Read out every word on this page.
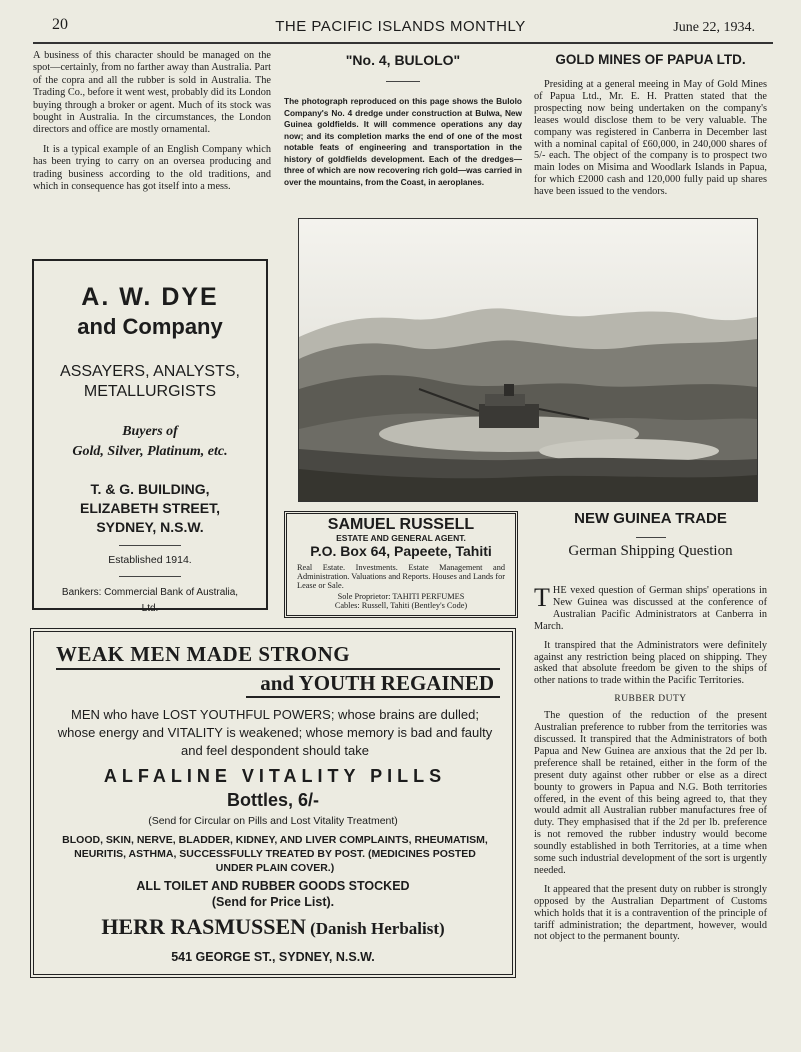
20	THE PACIFIC ISLANDS MONTHLY	June 22, 1934.

A business of this character should be managed on the spot—certainly, from no farther away than Australia. Part of the copra and all the rubber is sold in Australia. The Trading Co., before it went west, probably did its London buying through a broker or agent. Much of its stock was bought in Australia. In the circumstances, the London directors and office are mostly ornamental.

It is a typical example of an English Company which has been trying to carry on an oversea producing and trading business according to the old traditions, and which in consequence has got itself into a mess.

"No. 4, BULOLO"
The photograph reproduced on this page shows the Bulolo Company's No. 4 dredge under construction at Bulwa, New Guinea goldfields. It will commence operations any day now; and its completion marks the end of one of the most notable feats of engineering and transportation in the history of goldfields development. Each of the dredges—three of which are now recovering rich gold—was carried in over the mountains, from the Coast, in aeroplanes.
GOLD MINES OF PAPUA LTD.

Presiding at a general meeing in May of Gold Mines of Papua Ltd., Mr. E. H. Pratten stated that the prospecting now being undertaken on the company's leases would disclose them to be very valuable. The company was registered in Canberra in December last with a nominal capital of £60,000, in 240,000 shares of 5/- each. The object of the company is to prospect two main lodes on Misima and Woodlark Islands in Papua, for which £2000 cash and 120,000 fully paid up shares have been issued to the vendors.

A. W. DYE
and Company
ASSAYERS, ANALYSTS, METALLURGISTS
Buyers of
Gold, Silver, Platinum, etc.
T. & G. BUILDING,
ELIZABETH STREET,
SYDNEY, N.S.W.
Established 1914.
Bankers: Commercial Bank of Australia, Ltd.
SAMUEL RUSSELL
ESTATE AND GENERAL AGENT.
P.O. Box 64, Papeete, Tahiti
Real Estate. Investments. Estate Management and Administration. Valuations and Reports. Houses and Lands for Lease or Sale.
Sole Proprietor: TAHITI PERFUMES
Cables: Russell, Tahiti (Bentley's Code)
WEAK MEN MADE STRONG
and YOUTH REGAINED
MEN who have LOST YOUTHFUL POWERS; whose brains are dulled; whose energy and VITALITY is weakened; whose memory is bad and faulty and feel despondent should take
ALFALINE VITALITY PILLS
Bottles, 6/-
(Send for Circular on Pills and Lost Vitality Treatment)
BLOOD, SKIN, NERVE, BLADDER, KIDNEY, AND LIVER COMPLAINTS, RHEUMATISM, NEURITIS, ASTHMA, SUCCESSFULLY TREATED BY POST. (MEDICINES POSTED UNDER PLAIN COVER.)
ALL TOILET AND RUBBER GOODS STOCKED
(Send for Price List).
HERR RASMUSSEN (Danish Herbalist)
541 GEORGE ST., SYDNEY, N.S.W.
NEW GUINEA TRADE
German Shipping Question

THE vexed question of German ships' operations in New Guinea was discussed at the conference of Australian Pacific Administrators at Canberra in March.

It transpired that the Administrators were definitely against any restriction being placed on shipping. They asked that absolute freedom be given to the ships of other nations to trade within the Pacific Territories.

RUBBER DUTY

The question of the reduction of the present Australian preference to rubber from the territories was discussed. It transpired that the Administrators of both Papua and New Guinea are anxious that the 2d per lb. preference shall be retained, either in the form of the present duty against other rubber or else as a direct bounty to growers in Papua and N.G. Both territories offered, in the event of this being agreed to, that they would admit all Australian rubber manufactures free of duty. They emphasised that if the 2d per lb. preference is not removed the rubber industry would become soundly established in both Territories, at a time when some such industrial development of the sort is urgently needed.

It appeared that the present duty on rubber is strongly opposed by the Australian Department of Customs which holds that it is a contravention of the principle of tariff administration; the department, however, would not object to the permanent bounty.
